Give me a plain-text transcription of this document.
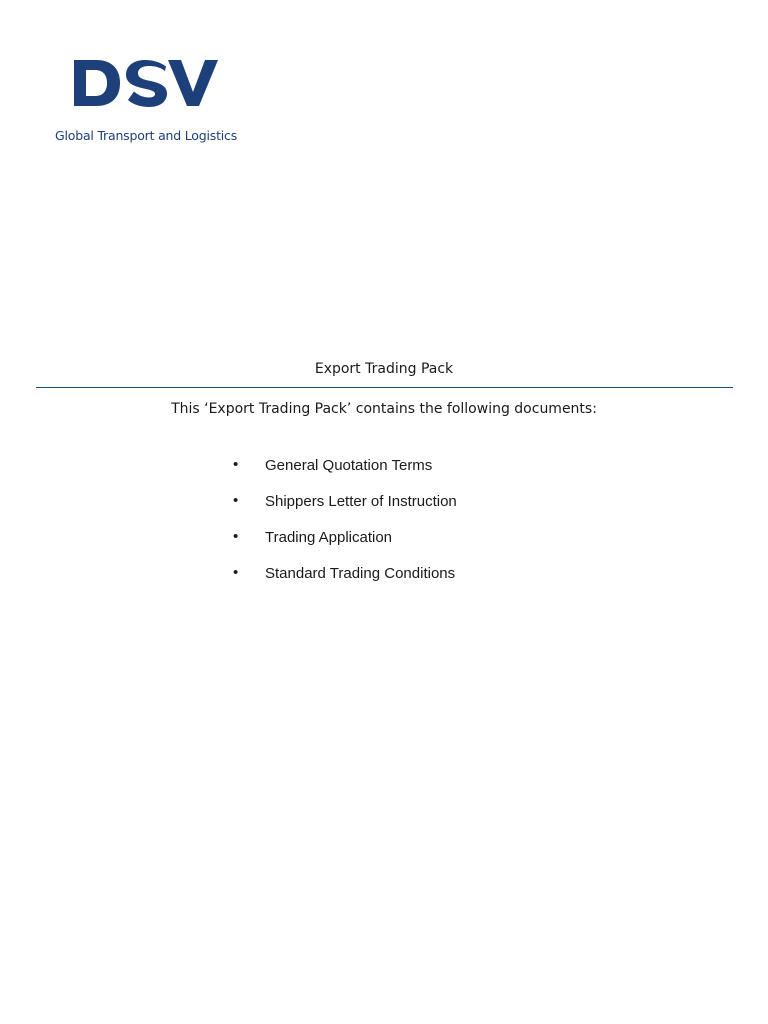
Global Transport and Logistics
Export Trading Pack
This ‘Export Trading Pack’ contains the following documents:
• General Quotation Terms
• Shippers Letter of Instruction
• Trading Application
• Standard Trading Conditions
